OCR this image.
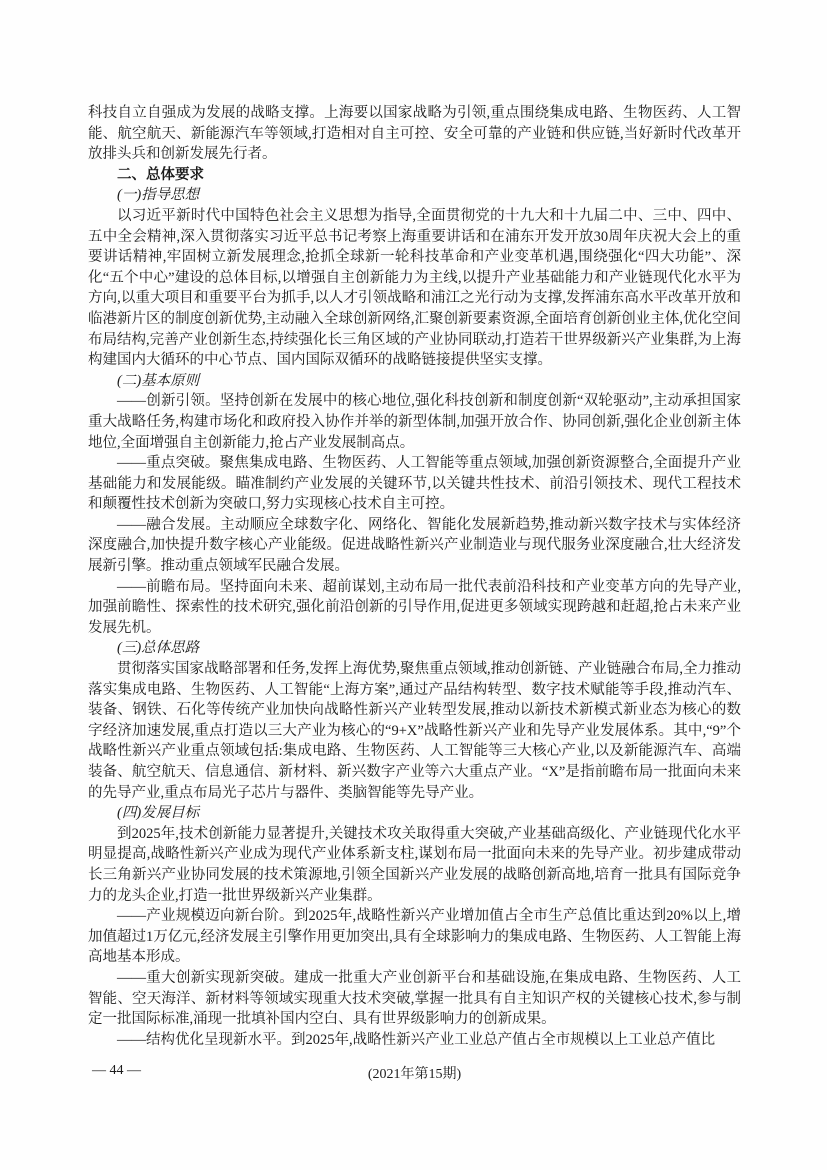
科技自立自强成为发展的战略支撑。上海要以国家战略为引领,重点围绕集成电路、生物医药、人工智能、航空航天、新能源汽车等领域,打造相对自主可控、安全可靠的产业链和供应链,当好新时代改革开放排头兵和创新发展先行者。

二、总体要求

(一)指导思想

以习近平新时代中国特色社会主义思想为指导,全面贯彻党的十九大和十九届二中、三中、四中、五中全会精神,深入贯彻落实习近平总书记考察上海重要讲话和在浦东开发开放30周年庆祝大会上的重要讲话精神,牢固树立新发展理念,抢抓全球新一轮科技革命和产业变革机遇,围绕强化“四大功能”、深化“五个中心”建设的总体目标,以增强自主创新能力为主线,以提升产业基础能力和产业链现代化水平为方向,以重大项目和重要平台为抓手,以人才引领战略和浦江之光行动为支撑,发挥浦东高水平改革开放和临港新片区的制度创新优势,主动融入全球创新网络,汇聚创新要素资源,全面培育创新创业主体,优化空间布局结构,完善产业创新生态,持续强化长三角区域的产业协同联动,打造若干世界级新兴产业集群,为上海构建国内大循环的中心节点、国内国际双循环的战略链接提供坚实支撑。

(二)基本原则

——创新引领。坚持创新在发展中的核心地位,强化科技创新和制度创新“双轮驱动”,主动承担国家重大战略任务,构建市场化和政府投入协作并举的新型体制,加强开放合作、协同创新,强化企业创新主体地位,全面增强自主创新能力,抢占产业发展制高点。

——重点突破。聚焦集成电路、生物医药、人工智能等重点领域,加强创新资源整合,全面提升产业基础能力和发展能级。瞄准制约产业发展的关键环节,以关键共性技术、前沿引领技术、现代工程技术和颠覆性技术创新为突破口,努力实现核心技术自主可控。

——融合发展。主动顺应全球数字化、网络化、智能化发展新趋势,推动新兴数字技术与实体经济深度融合,加快提升数字核心产业能级。促进战略性新兴产业制造业与现代服务业深度融合,壮大经济发展新引擎。推动重点领域军民融合发展。

——前瞻布局。坚持面向未来、超前谋划,主动布局一批代表前沿科技和产业变革方向的先导产业,加强前瞻性、探索性的技术研究,强化前沿创新的引导作用,促进更多领域实现跨越和赶超,抢占未来产业发展先机。

(三)总体思路

贯彻落实国家战略部署和任务,发挥上海优势,聚焦重点领域,推动创新链、产业链融合布局,全力推动落实集成电路、生物医药、人工智能“上海方案”,通过产品结构转型、数字技术赋能等手段,推动汽车、装备、钢铁、石化等传统产业加快向战略性新兴产业转型发展,推动以新技术新模式新业态为核心的数字经济加速发展,重点打造以三大产业为核心的“9+X”战略性新兴产业和先导产业发展体系。其中,“9”个战略性新兴产业重点领域包括:集成电路、生物医药、人工智能等三大核心产业,以及新能源汽车、高端装备、航空航天、信息通信、新材料、新兴数字产业等六大重点产业。“X”是指前瞻布局一批面向未来的先导产业,重点布局光子芯片与器件、类脑智能等先导产业。

(四)发展目标

到2025年,技术创新能力显著提升,关键技术攻关取得重大突破,产业基础高级化、产业链现代化水平明显提高,战略性新兴产业成为现代产业体系新支柱,谋划布局一批面向未来的先导产业。初步建成带动长三角新兴产业协同发展的技术策源地,引领全国新兴产业发展的战略创新高地,培育一批具有国际竞争力的龙头企业,打造一批世界级新兴产业集群。

——产业规模迈向新台阶。到2025年,战略性新兴产业增加值占全市生产总值比重达到20%以上,增加值超过1万亿元,经济发展主引擎作用更加突出,具有全球影响力的集成电路、生物医药、人工智能上海高地基本形成。

——重大创新实现新突破。建成一批重大产业创新平台和基础设施,在集成电路、生物医药、人工智能、空天海洋、新材料等领域实现重大技术突破,掌握一批具有自主知识产权的关键核心技术,参与制定一批国际标准,涌现一批填补国内空白、具有世界级影响力的创新成果。

——结构优化呈现新水平。到2025年,战略性新兴产业工业总产值占全市规模以上工业总产值比

— 44 —	(2021年第15期)
